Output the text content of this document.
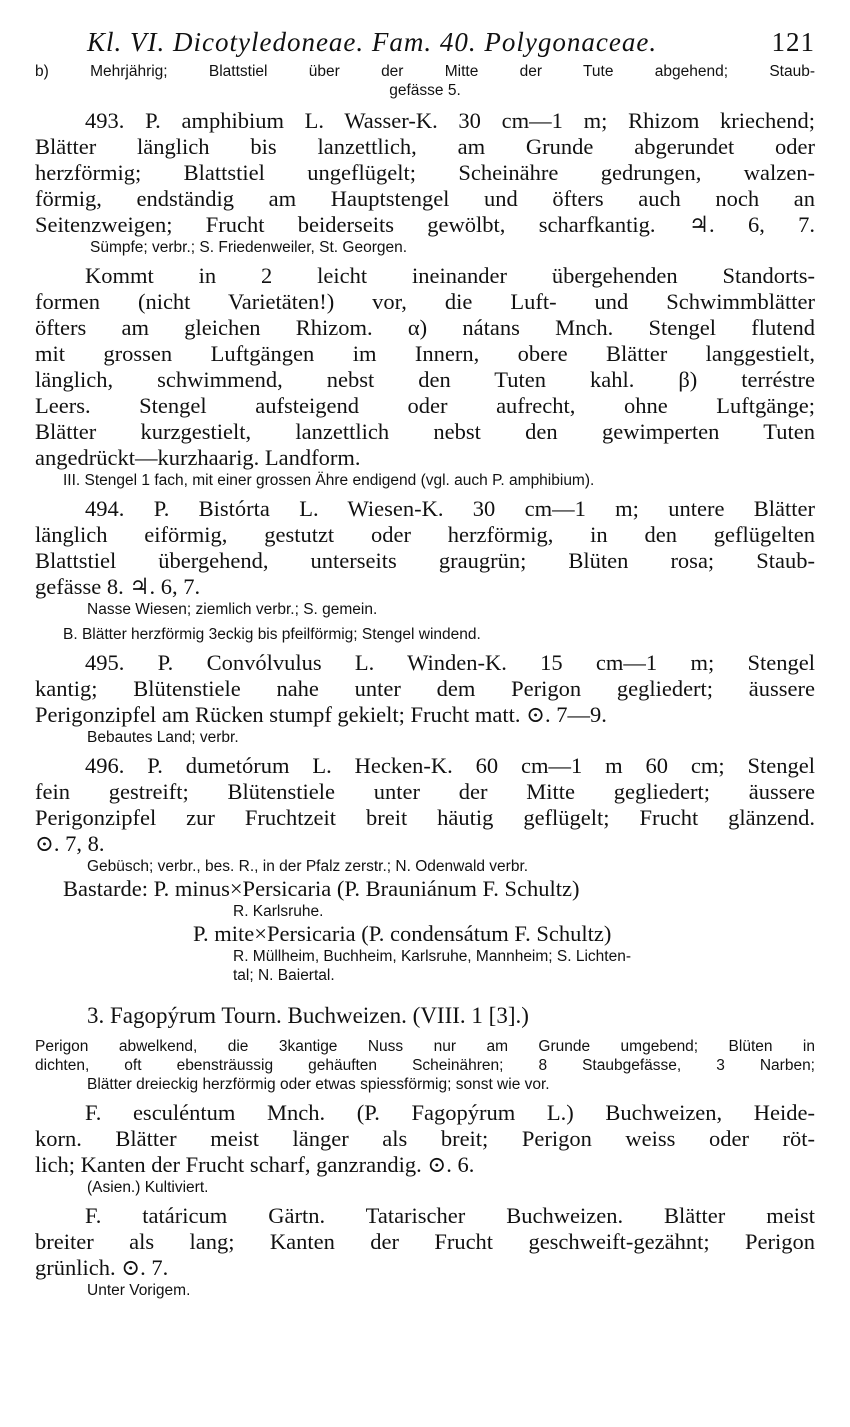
Kl. VI. Dicotyledoneae. Fam. 40. Polygonaceae.	121
b) Mehrjährig; Blattstiel über der Mitte der Tute abgehend; Staub-
gefässe 5.
493. P. amphibium L. Wasser-K. 30 cm—1 m; Rhizom kriechend;
Blätter länglich bis lanzettlich, am Grunde abgerundet oder
herzförmig; Blattstiel ungeflügelt; Scheinähre gedrungen, walzen-
förmig, endständig am Hauptstengel und öfters auch noch an
Seitenzweigen; Frucht beiderseits gewölbt, scharfkantig. ♃. 6, 7.
Sümpfe; verbr.; S. Friedenweiler, St. Georgen.
Kommt in 2 leicht ineinander übergehenden Standorts-
formen (nicht Varietäten!) vor, die Luft- und Schwimmblätter
öfters am gleichen Rhizom. α) nátans Mnch. Stengel flutend
mit grossen Luftgängen im Innern, obere Blätter langgestielt,
länglich, schwimmend, nebst den Tuten kahl. β) terréstre
Leers. Stengel aufsteigend oder aufrecht, ohne Luftgänge;
Blätter kurzgestielt, lanzettlich nebst den gewimperten Tuten
angedrückt—kurzhaarig. Landform.
III. Stengel 1 fach, mit einer grossen Ähre endigend (vgl. auch P. amphibium).
494. P. Bistórta L. Wiesen-K. 30 cm—1 m; untere Blätter
länglich eiförmig, gestutzt oder herzförmig, in den geflügelten
Blattstiel übergehend, unterseits graugrün; Blüten rosa; Staub-
gefässe 8. ♃. 6, 7.
Nasse Wiesen; ziemlich verbr.; S. gemein.
B. Blätter herzförmig 3eckig bis pfeilförmig; Stengel windend.
495. P. Convólvulus L. Winden-K. 15 cm—1 m; Stengel
kantig; Blütenstiele nahe unter dem Perigon gegliedert; äussere
Perigonzipfel am Rücken stumpf gekielt; Frucht matt. ⊙. 7—9.
Bebautes Land; verbr.
496. P. dumetórum L. Hecken-K. 60 cm—1 m 60 cm; Stengel
fein gestreift; Blütenstiele unter der Mitte gegliedert; äussere
Perigonzipfel zur Fruchtzeit breit häutig geflügelt; Frucht glänzend.
⊙. 7, 8.
Gebüsch; verbr., bes. R., in der Pfalz zerstr.; N. Odenwald verbr.
Bastarde: P. minus×Persicaria (P. Brauniánum F. Schultz)
R. Karlsruhe.
P. mite×Persicaria (P. condensátum F. Schultz)
R. Müllheim, Buchheim, Karlsruhe, Mannheim; S. Lichten-
tal; N. Baiertal.
3. Fagopýrum Tourn. Buchweizen. (VIII. 1 [3].)
Perigon abwelkend, die 3kantige Nuss nur am Grunde umgebend; Blüten in
dichten, oft ebensträussig gehäuften Scheinähren; 8 Staubgefässe, 3 Narben;
Blätter dreieckig herzförmig oder etwas spiessförmig; sonst wie vor.
F. esculéntum Mnch. (P. Fagopýrum L.) Buchweizen, Heide-
korn. Blätter meist länger als breit; Perigon weiss oder röt-
lich; Kanten der Frucht scharf, ganzrandig. ⊙. 6.
(Asien.) Kultiviert.
F. tatáricum Gärtn. Tatarischer Buchweizen. Blätter meist
breiter als lang; Kanten der Frucht geschweift-gezähnt; Perigon
grünlich. ⊙. 7.
Unter Vorigem.
